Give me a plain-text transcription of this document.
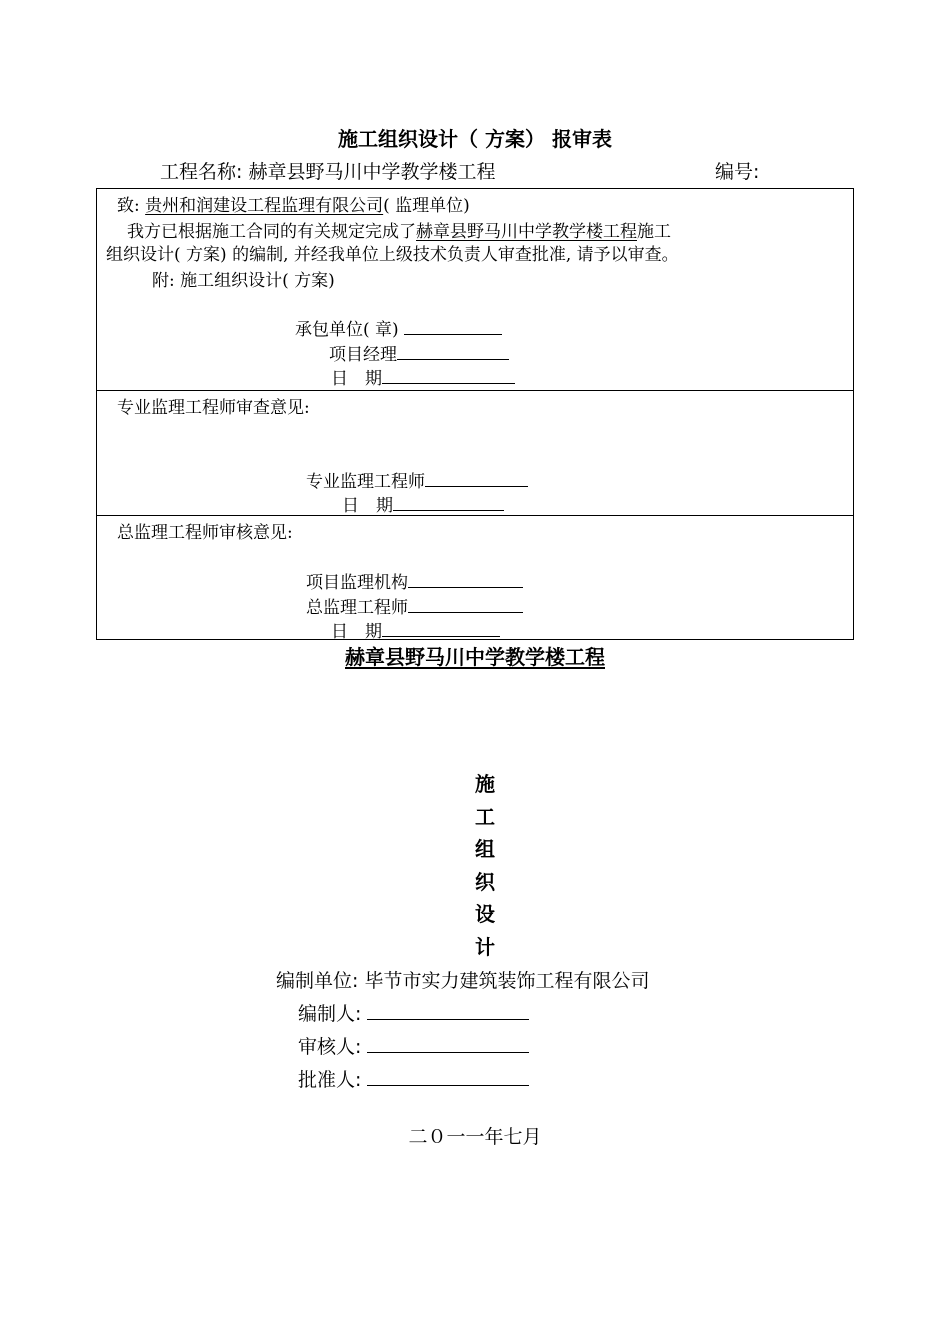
施工组织设计（ 方案） 报审表
工程名称: 赫章县野马川中学教学楼工程	编号:
致: 贵州和润建设工程监理有限公司( 监理单位)
我方已根据施工合同的有关规定完成了赫章县野马川中学教学楼工程施工
组织设计( 方案) 的编制, 并经我单位上级技术负责人审查批准, 请予以审查。
附: 施工组织设计( 方案)
承包单位( 章)
项目经理
日　期
专业监理工程师审查意见:
专业监理工程师
日　期
总监理工程师审核意见:
项目监理机构
总监理工程师
日　期
赫章县野马川中学教学楼工程
施
工
组
织
设
计
编制单位: 毕节市实力建筑装饰工程有限公司
编制人:
审核人:
批准人:
二０一一年七月
